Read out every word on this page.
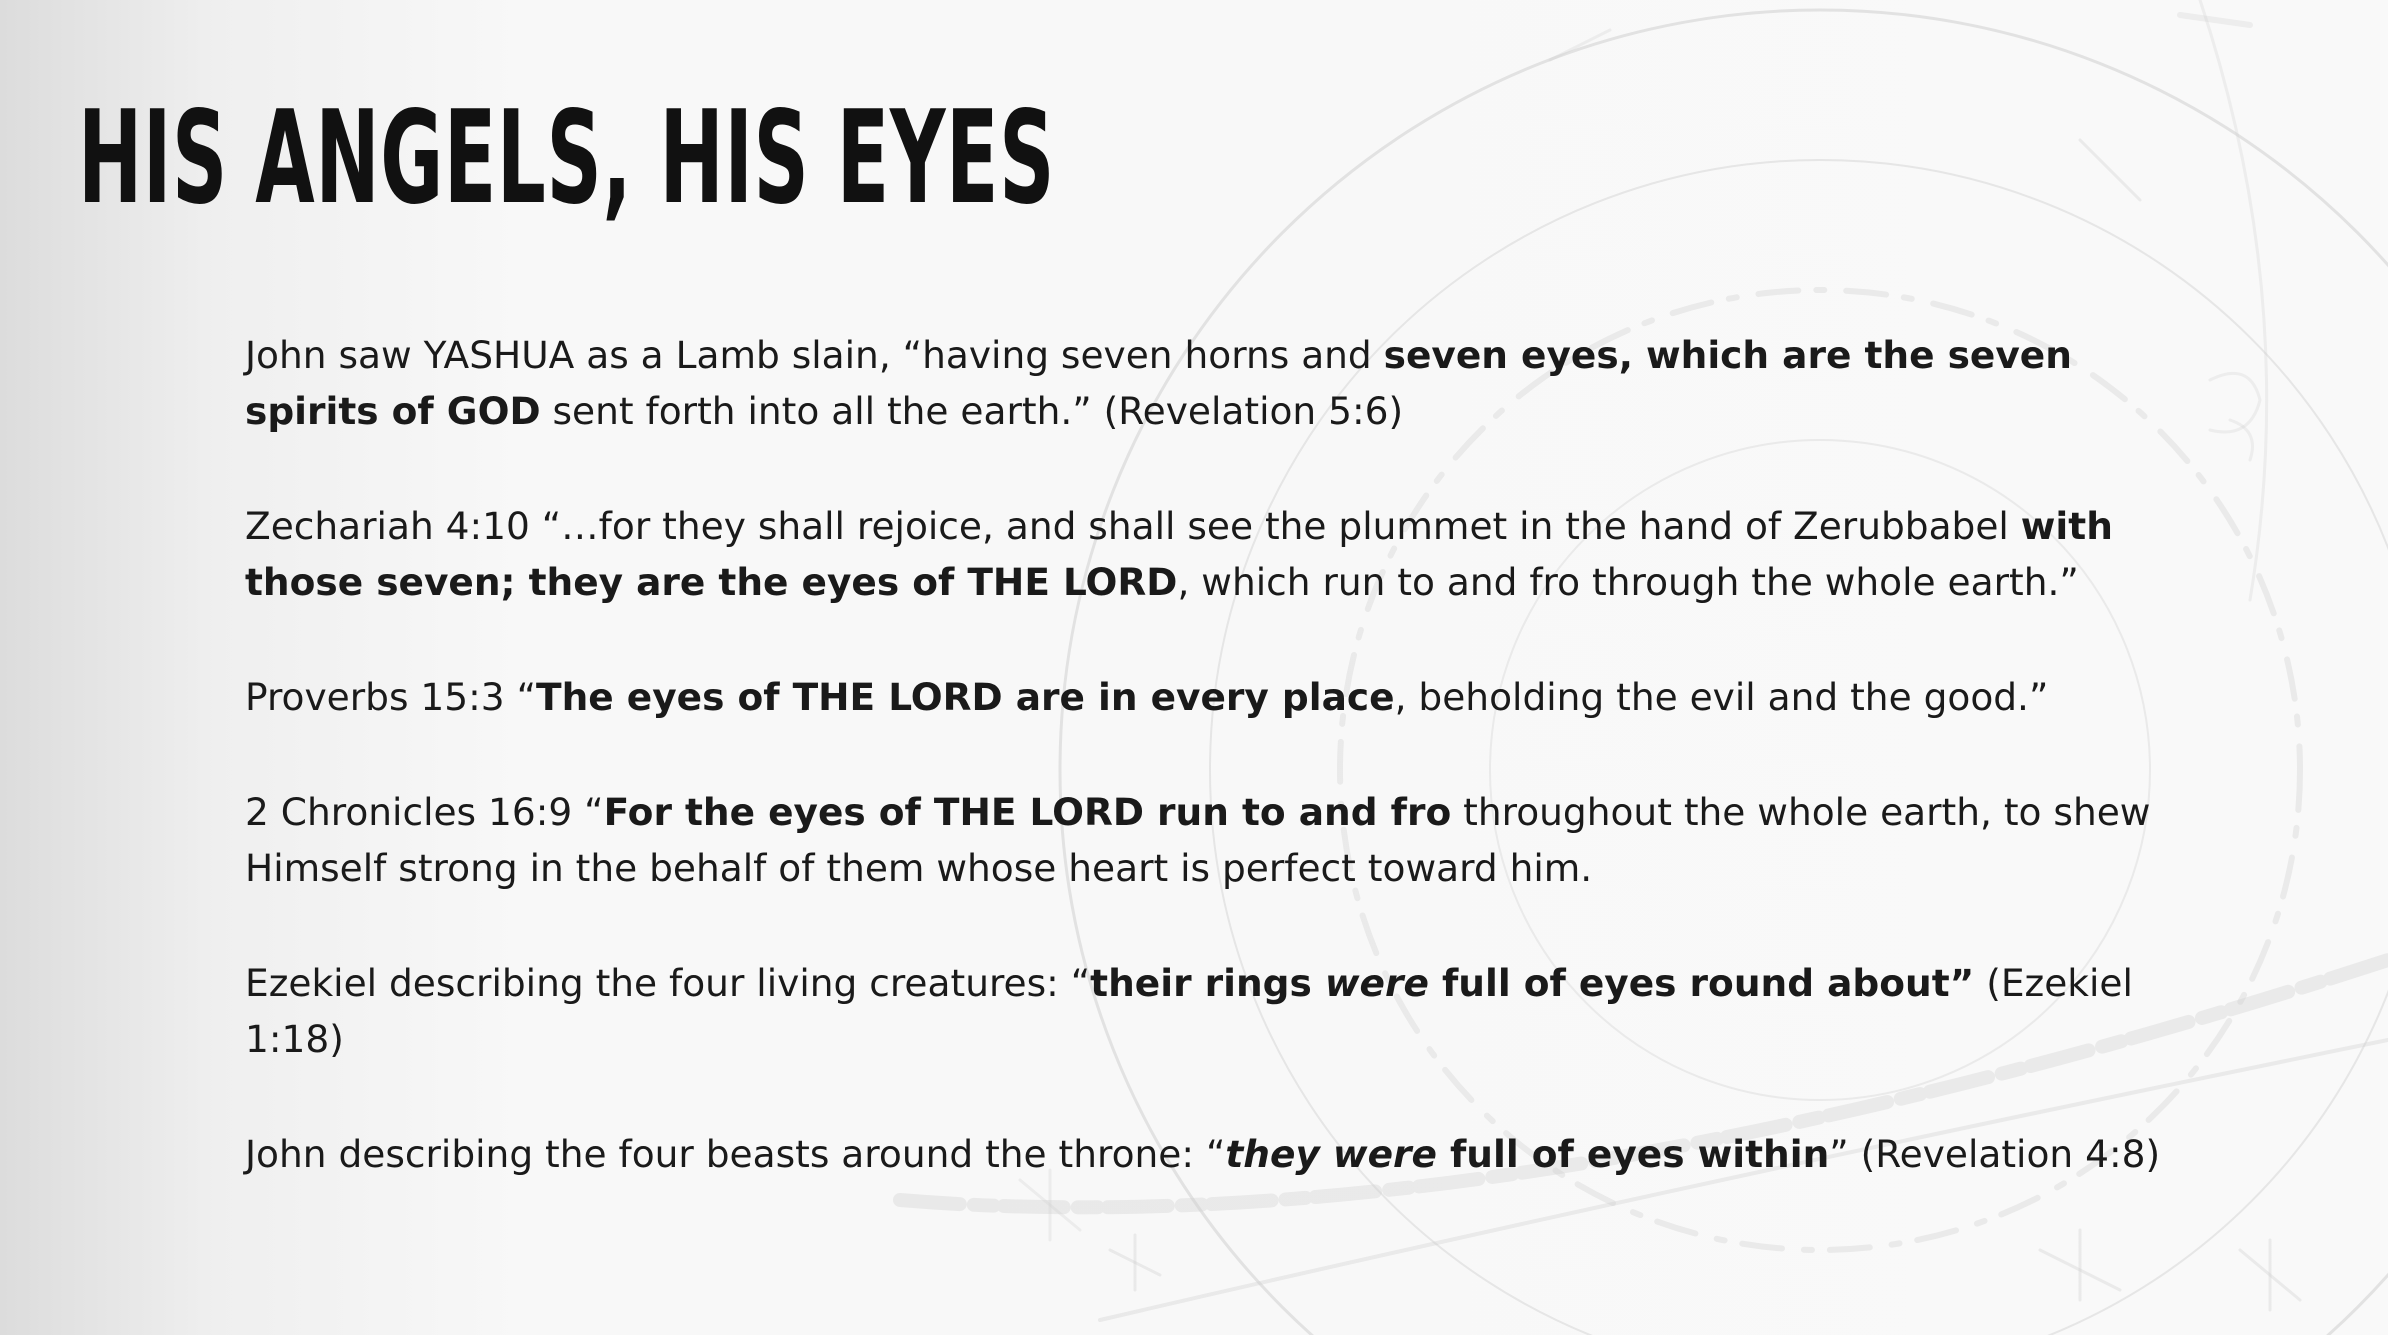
HIS ANGELS, HIS EYES

John saw YASHUA as a Lamb slain, “having seven horns and seven eyes, which are the seven spirits of GOD sent forth into all the earth.” (Revelation 5:6)

Zechariah 4:10 “…for they shall rejoice, and shall see the plummet in the hand of Zerubbabel with those seven; they are the eyes of THE LORD, which run to and fro through the whole earth.”

Proverbs 15:3 “The eyes of THE LORD are in every place, beholding the evil and the good.”

2 Chronicles 16:9 “For the eyes of THE LORD run to and fro throughout the whole earth, to shew Himself strong in the behalf of them whose heart is perfect toward him.

Ezekiel describing the four living creatures: “their rings were full of eyes round about” (Ezekiel 1:18)

John describing the four beasts around the throne: “they were full of eyes within” (Revelation 4:8)
